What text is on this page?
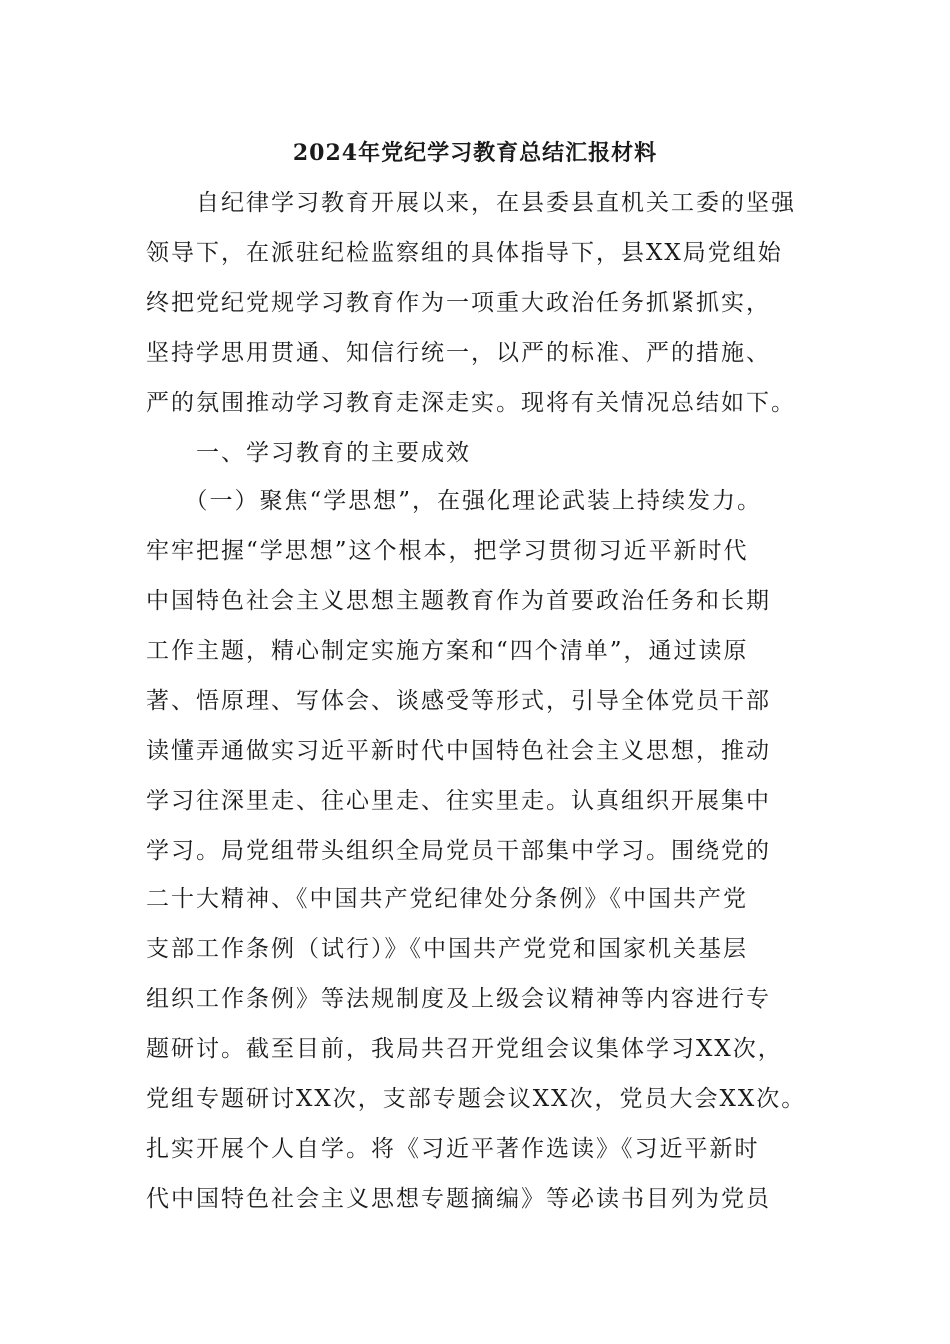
2024年党纪学习教育总结汇报材料
　　自纪律学习教育开展以来，在县委县直机关工委的坚强
领导下，在派驻纪检监察组的具体指导下，县XX局党组始
终把党纪党规学习教育作为一项重大政治任务抓紧抓实，
坚持学思用贯通、知信行统一，以严的标准、严的措施、
严的氛围推动学习教育走深走实。现将有关情况总结如下。
　　一、学习教育的主要成效
　　（一）聚焦“学思想”，在强化理论武装上持续发力。
牢牢把握“学思想”这个根本，把学习贯彻习近平新时代
中国特色社会主义思想主题教育作为首要政治任务和长期
工作主题，精心制定实施方案和“四个清单”，通过读原
著、悟原理、写体会、谈感受等形式，引导全体党员干部
读懂弄通做实习近平新时代中国特色社会主义思想，推动
学习往深里走、往心里走、往实里走。认真组织开展集中
学习。局党组带头组织全局党员干部集中学习。围绕党的
二十大精神、《中国共产党纪律处分条例》《中国共产党
支部工作条例（试行）》《中国共产党党和国家机关基层
组织工作条例》等法规制度及上级会议精神等内容进行专
题研讨。截至目前，我局共召开党组会议集体学习XX次，
党组专题研讨XX次，支部专题会议XX次，党员大会XX次。
扎实开展个人自学。将《习近平著作选读》《习近平新时
代中国特色社会主义思想专题摘编》等必读书目列为党员
